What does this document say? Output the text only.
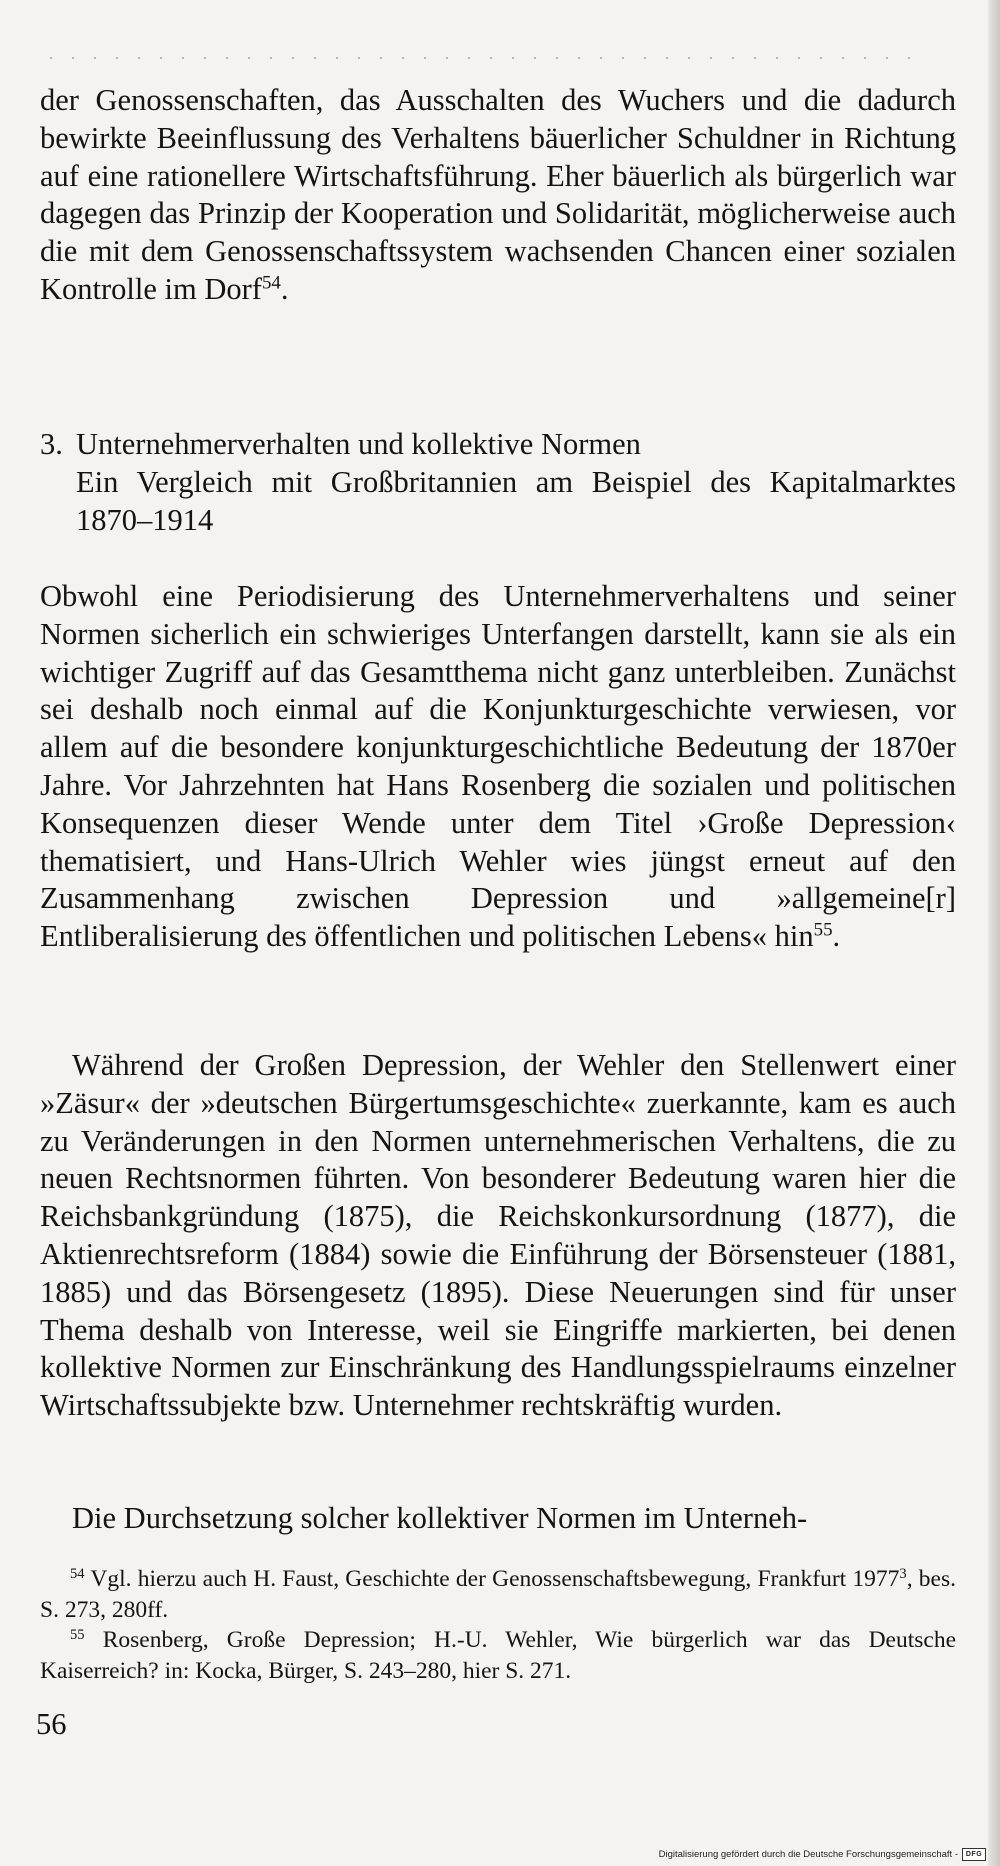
der Genossenschaften, das Ausschalten des Wuchers und die dadurch bewirkte Beeinflussung des Verhaltens bäuerlicher Schuldner in Richtung auf eine rationellere Wirtschaftsführung. Eher bäuerlich als bürgerlich war dagegen das Prinzip der Kooperation und Solidarität, möglicherweise auch die mit dem Genossenschaftssystem wachsenden Chancen einer sozialen Kontrolle im Dorf$^{54}$.

3. Unternehmerverhalten und kollektive Normen
Ein Vergleich mit Großbritannien am Beispiel des Kapitalmarktes 1870–1914

Obwohl eine Periodisierung des Unternehmerverhaltens und seiner Normen sicherlich ein schwieriges Unterfangen darstellt, kann sie als ein wichtiger Zugriff auf das Gesamtthema nicht ganz unterbleiben. Zunächst sei deshalb noch einmal auf die Konjunkturgeschichte verwiesen, vor allem auf die besondere konjunkturgeschichtliche Bedeutung der 1870er Jahre. Vor Jahrzehnten hat Hans Rosenberg die sozialen und politischen Konsequenzen dieser Wende unter dem Titel ›Große Depression‹ thematisiert, und Hans-Ulrich Wehler wies jüngst erneut auf den Zusammenhang zwischen Depression und »allgemeine[r] Entliberalisierung des öffentlichen und politischen Lebens« hin$^{55}$.

Während der Großen Depression, der Wehler den Stellenwert einer »Zäsur« der »deutschen Bürgertumsgeschichte« zuerkannte, kam es auch zu Veränderungen in den Normen unternehmerischen Verhaltens, die zu neuen Rechtsnormen führten. Von besonderer Bedeutung waren hier die Reichsbankgründung (1875), die Reichskonkursordnung (1877), die Aktienrechtsreform (1884) sowie die Einführung der Börsensteuer (1881, 1885) und das Börsengesetz (1895). Diese Neuerungen sind für unser Thema deshalb von Interesse, weil sie Eingriffe markierten, bei denen kollektive Normen zur Einschränkung des Handlungsspielraums einzelner Wirtschaftssubjekte bzw. Unternehmer rechtskräftig wurden.

Die Durchsetzung solcher kollektiver Normen im Unterneh-

$^{54}$ Vgl. hierzu auch H. Faust, Geschichte der Genossenschaftsbewegung, Frankfurt 1977$^3$, bes. S. 273, 280ff.

$^{55}$ Rosenberg, Große Depression; H.-U. Wehler, Wie bürgerlich war das Deutsche Kaiserreich? in: Kocka, Bürger, S. 243–280, hier S. 271.

56
Digitalisierung gefördert durch die Deutsche Forschungsgemeinschaft -	DFG
